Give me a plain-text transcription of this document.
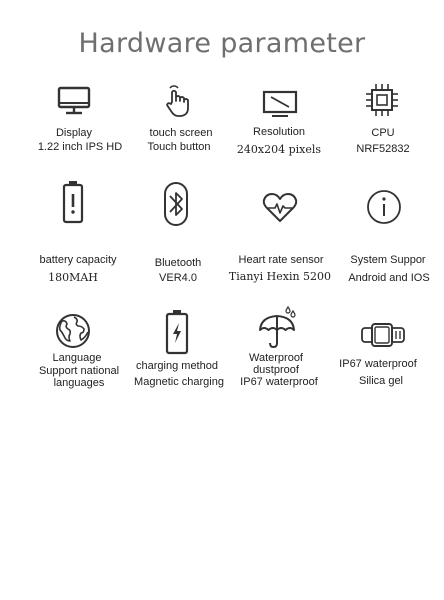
Hardware parameter
Display
1.22 inch IPS HD
touch screen
Touch button
Resolution
240x204 pixels
CPU
NRF52832
battery capacity
180MAH
Bluetooth
VER4.0
Heart rate sensor
Tianyi Hexin 5200
System Suppor
Android and IOS
Language
Support national
languages
charging method
Magnetic charging
Waterproof
dustproof
IP67 waterproof
IP67 waterproof
Silica gel
